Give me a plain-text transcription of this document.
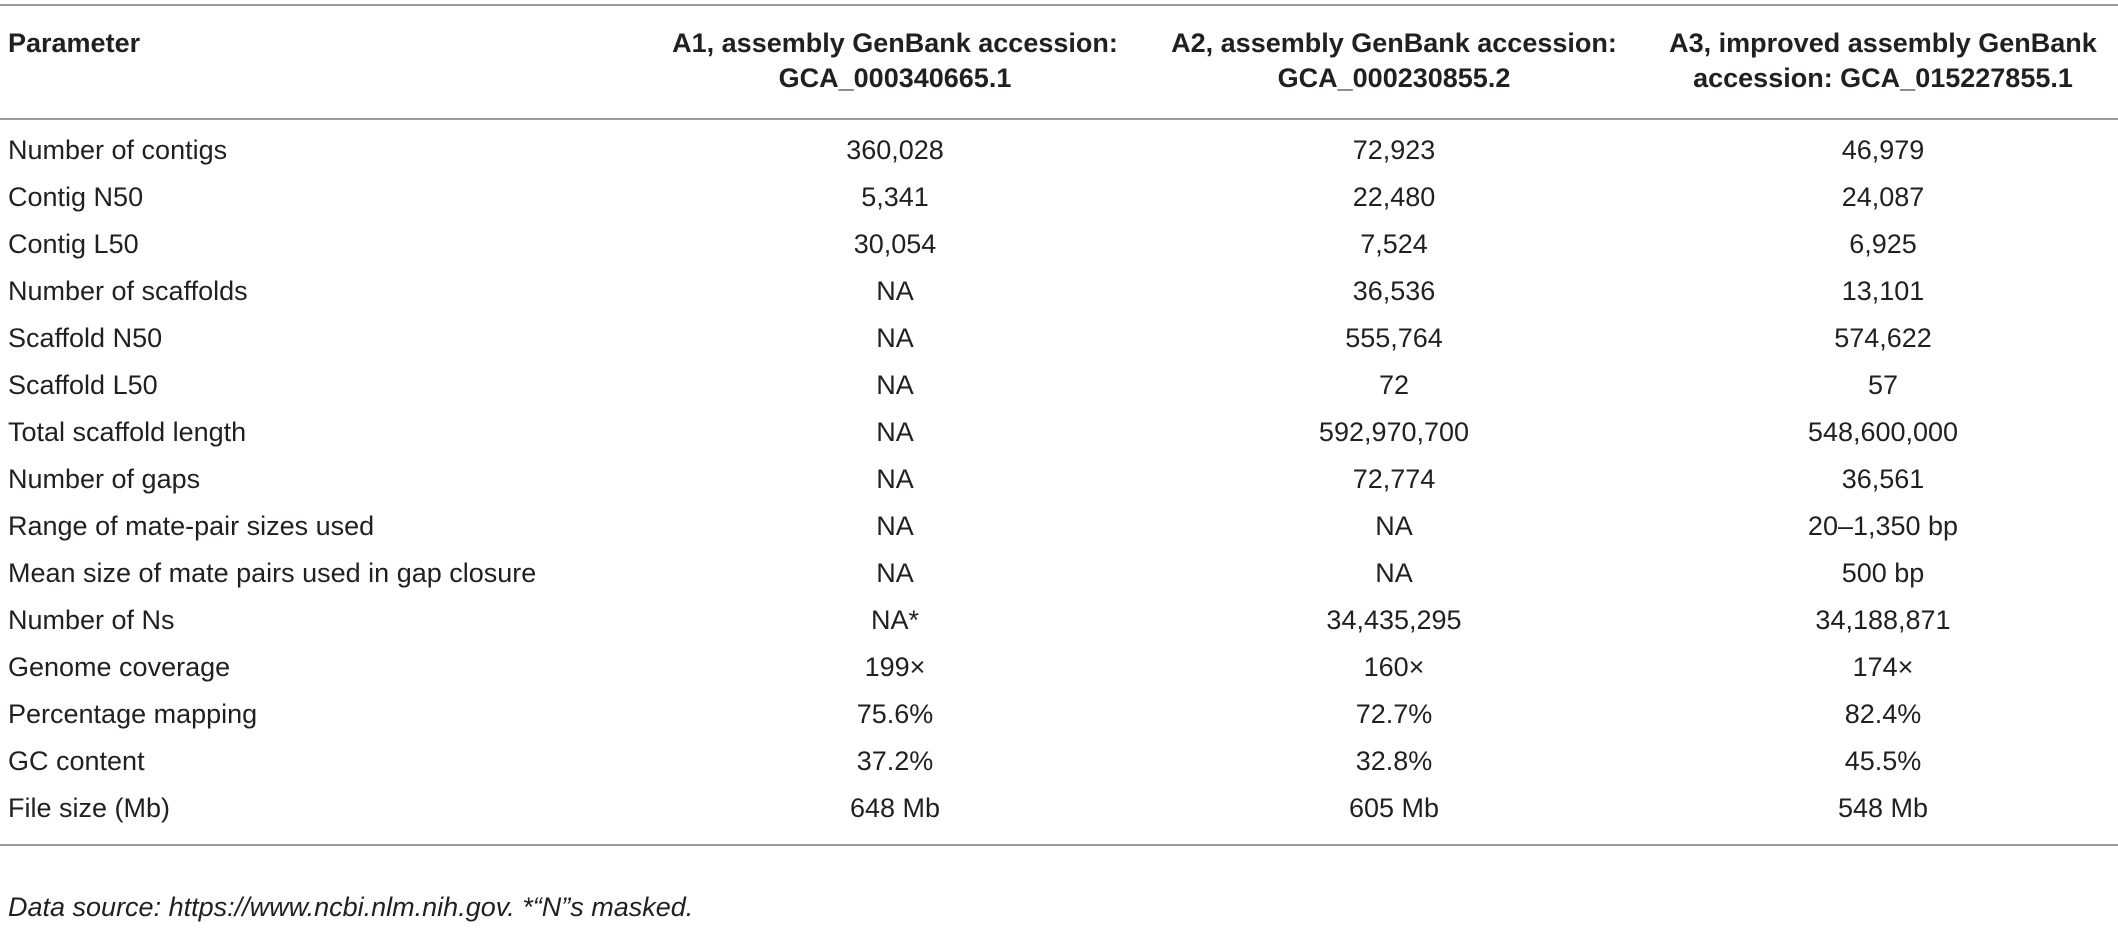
Parameter	A1, assembly GenBank accession: GCA_000340665.1	A2, assembly GenBank accession: GCA_000230855.2	A3, improved assembly GenBank accession: GCA_015227855.1
Number of contigs	360,028	72,923	46,979
Contig N50	5,341	22,480	24,087
Contig L50	30,054	7,524	6,925
Number of scaffolds	NA	36,536	13,101
Scaffold N50	NA	555,764	574,622
Scaffold L50	NA	72	57
Total scaffold length	NA	592,970,700	548,600,000
Number of gaps	NA	72,774	36,561
Range of mate-pair sizes used	NA	NA	20–1,350 bp
Mean size of mate pairs used in gap closure	NA	NA	500 bp
Number of Ns	NA*	34,435,295	34,188,871
Genome coverage	199×	160×	174×
Percentage mapping	75.6%	72.7%	82.4%
GC content	37.2%	32.8%	45.5%
File size (Mb)	648 Mb	605 Mb	548 Mb
Data source: https://www.ncbi.nlm.nih.gov. *“N”s masked.
